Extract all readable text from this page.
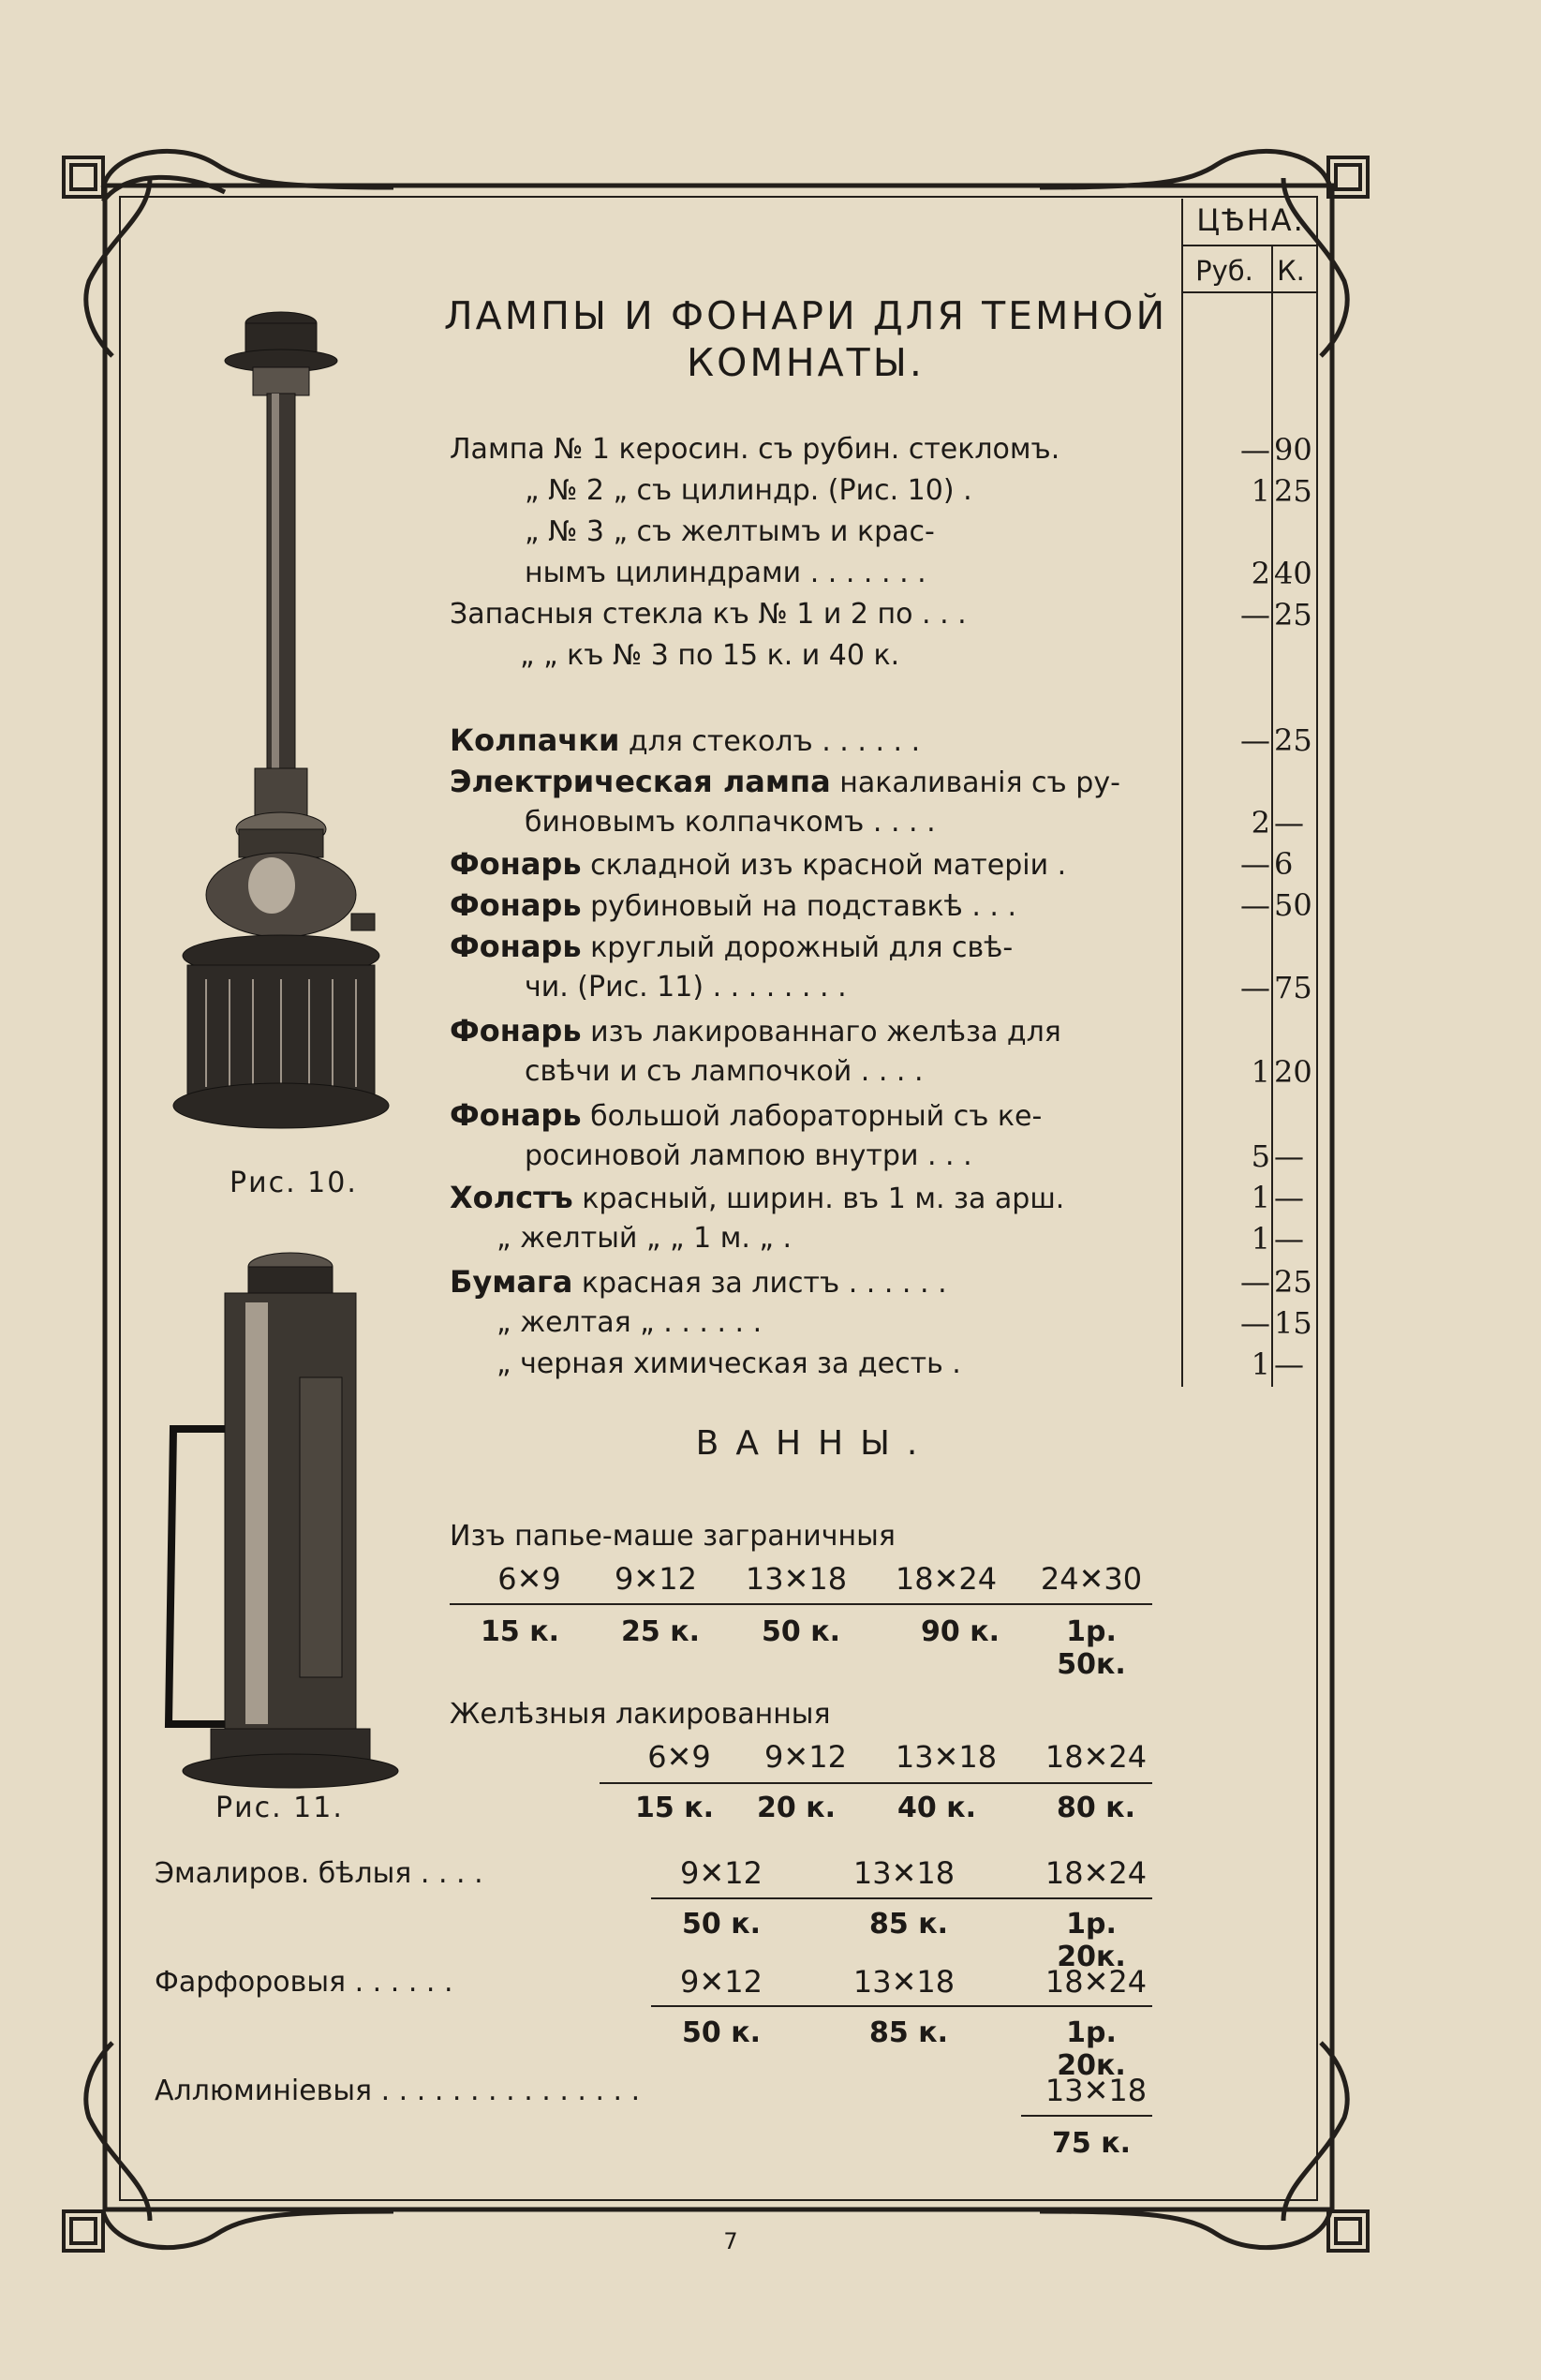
ЦѢНА.
Руб. К.
ЛАМПЫ И ФОНАРИ ДЛЯ ТЕМНОЙ
КОМНАТЫ.
Лампа № 1 керосин. съ рубин. стекломъ.	— 90
„ № 2 „ съ цилиндр. (Рис. 10) .	1 25
„ № 3 „ съ желтымъ и крас-
нымъ цилиндрами . . . . . . .	2 40
Запасныя стекла къ № 1 и 2 по . . .	— 25
„ „ къ № 3 по 15 к. и 40 к.
Колпачки для стеколъ . . . . . .	— 25
Электрическая лампа накаливанія съ ру-
биновымъ колпачкомъ . . . .	2 —
Фонарь складной изъ красной матеріи .	— 6
Фонарь рубиновый на подставкѣ . . .	— 50
Фонарь круглый дорожный для свѣ-
чи. (Рис. 11) . . . . . . . .	— 75
Фонарь изъ лакированнаго желѣза для
свѣчи и съ лампочкой . . . .	1 20
Фонарь большой лабораторный съ ке-
росиновой лампою внутри . . .	5 —
Холстъ красный, ширин. въ 1 м. за арш.	1 —
„ желтый „ „ 1 м. „ .	1 —
Бумага красная за листъ . . . . . .	— 25
„ желтая „ . . . . . .	— 15
„ черная химическая за десть .	1 —
ВАННЫ.
Изъ папье-маше заграничныя
6✕9	9✕12	13✕18	18✕24	24✕30
15 к.	25 к.	50 к.	90 к.	1р. 50к.
Желѣзныя лакированныя
6✕9	9✕12	13✕18	18✕24
15 к.	20 к.	40 к.	80 к.
Эмалиров. бѣлыя . . . .	9✕12	13✕18	18✕24
50 к.	85 к.	1р. 20к.
Фарфоровыя . . . . . .	9✕12	13✕18	18✕24
50 к.	85 к.	1р. 20к.
Аллюминіевыя . . . . . . . . . . . . . . .	13✕18
75 к.
Рис. 10.
Рис. 11.
7
